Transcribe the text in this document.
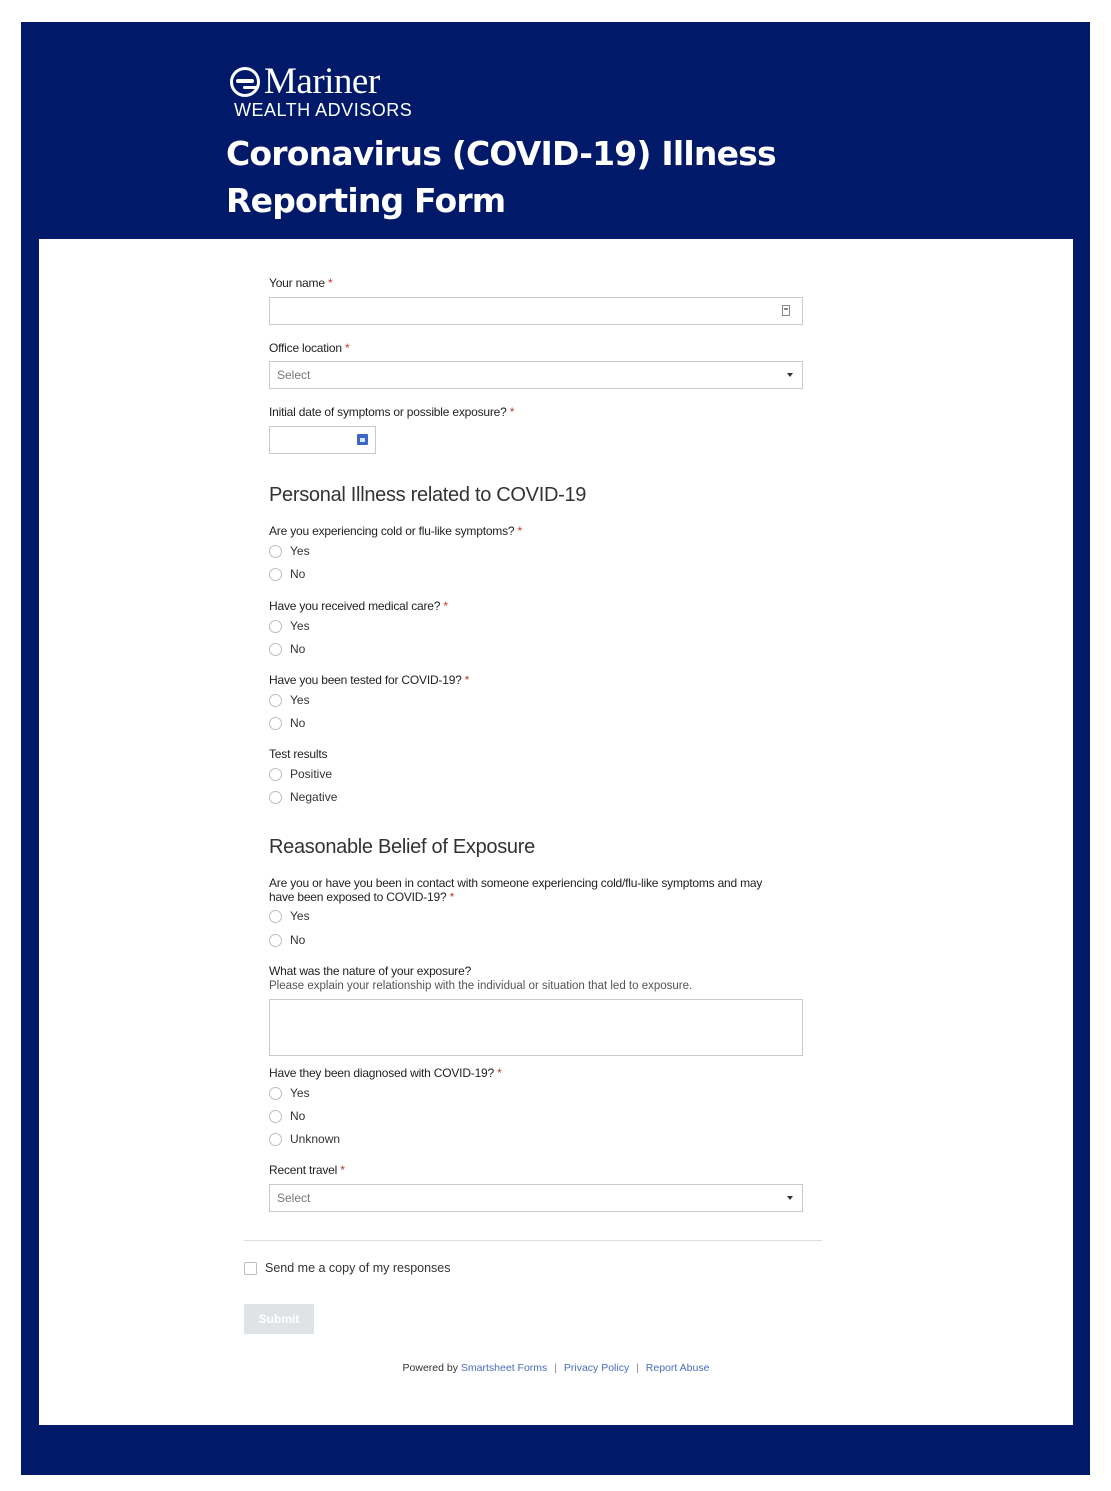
Mariner
WEALTH ADVISORS
Coronavirus (COVID-19) Illness Reporting Form
Your name *
Office location *
Select
Initial date of symptoms or possible exposure? *
Personal Illness related to COVID-19
Are you experiencing cold or flu-like symptoms? *
Yes
No
Have you received medical care? *
Yes
No
Have you been tested for COVID-19? *
Yes
No
Test results
Positive
Negative
Reasonable Belief of Exposure
Are you or have you been in contact with someone experiencing cold/flu-like symptoms and may
have been exposed to COVID-19? *
Yes
No
What was the nature of your exposure?
Please explain your relationship with the individual or situation that led to exposure.
Have they been diagnosed with COVID-19? *
Yes
No
Unknown
Recent travel *
Select
Send me a copy of my responses
Submit
Powered by Smartsheet Forms | Privacy Policy | Report Abuse
